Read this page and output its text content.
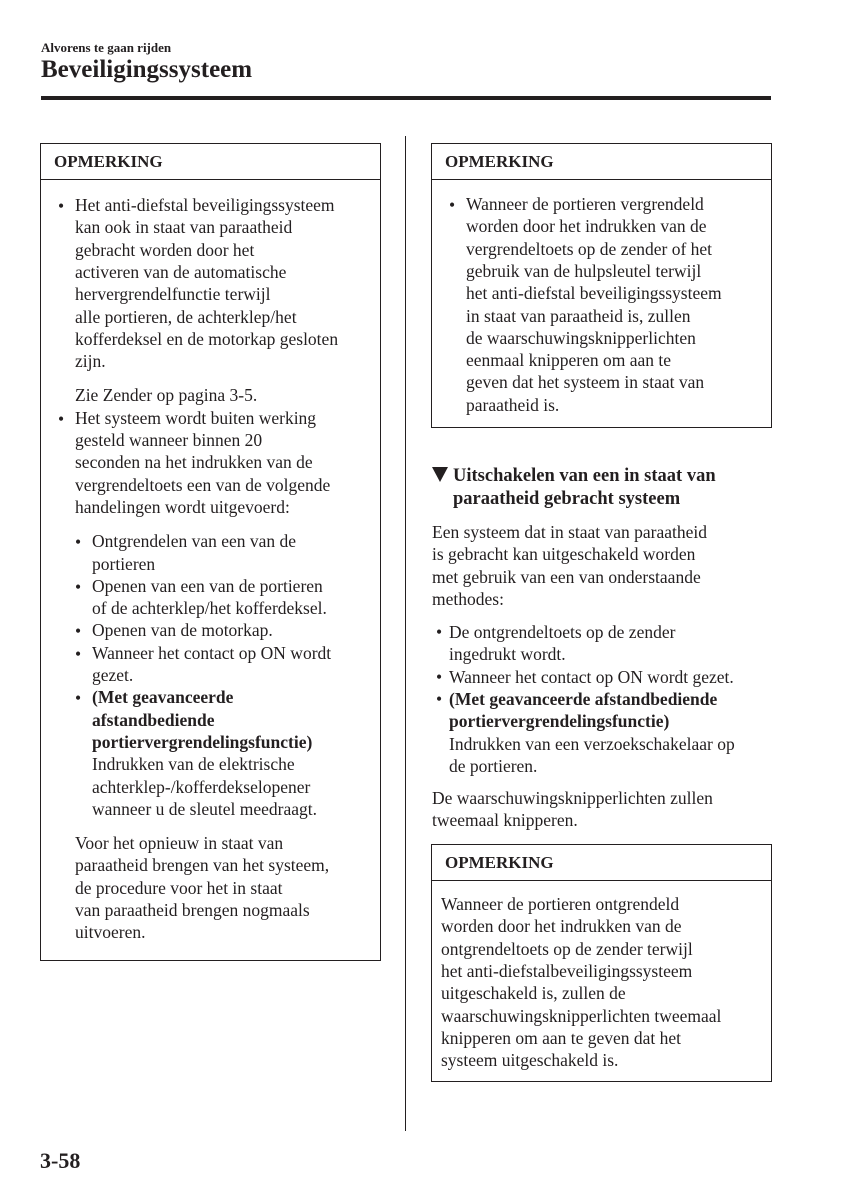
Alvorens te gaan rijden
Beveiligingssysteem
OPMERKING
• Het anti-diefstal beveiligingssysteem
kan ook in staat van paraatheid
gebracht worden door het
activeren van de automatische
hervergrendelfunctie terwijl
alle portieren, de achterklep/het
kofferdeksel en de motorkap gesloten
zijn.
Zie Zender op pagina 3-5.
• Het systeem wordt buiten werking
gesteld wanneer binnen 20
seconden na het indrukken van de
vergrendeltoets een van de volgende
handelingen wordt uitgevoerd:
• Ontgrendelen van een van de
portieren
• Openen van een van de portieren
of de achterklep/het kofferdeksel.
• Openen van de motorkap.
• Wanneer het contact op ON wordt
gezet.
• (Met geavanceerde
afstandbediende
portiervergrendelingsfunctie)
Indrukken van de elektrische
achterklep-/kofferdekselopener
wanneer u de sleutel meedraagt.
Voor het opnieuw in staat van
paraatheid brengen van het systeem,
de procedure voor het in staat
van paraatheid brengen nogmaals
uitvoeren.
OPMERKING
• Wanneer de portieren vergrendeld
worden door het indrukken van de
vergrendeltoets op de zender of het
gebruik van de hulpsleutel terwijl
het anti-diefstal beveiligingssysteem
in staat van paraatheid is, zullen
de waarschuwingsknipperlichten
eenmaal knipperen om aan te
geven dat het systeem in staat van
paraatheid is.
Uitschakelen van een in staat van
paraatheid gebracht systeem
Een systeem dat in staat van paraatheid
is gebracht kan uitgeschakeld worden
met gebruik van een van onderstaande
methodes:
• De ontgrendeltoets op de zender
ingedrukt wordt.
• Wanneer het contact op ON wordt gezet.
• (Met geavanceerde afstandbediende
portiervergrendelingsfunctie)
Indrukken van een verzoekschakelaar op
de portieren.
De waarschuwingsknipperlichten zullen
tweemaal knipperen.
OPMERKING
Wanneer de portieren ontgrendeld
worden door het indrukken van de
ontgrendeltoets op de zender terwijl
het anti-diefstalbeveiligingssysteem
uitgeschakeld is, zullen de
waarschuwingsknipperlichten tweemaal
knipperen om aan te geven dat het
systeem uitgeschakeld is.
3-58
